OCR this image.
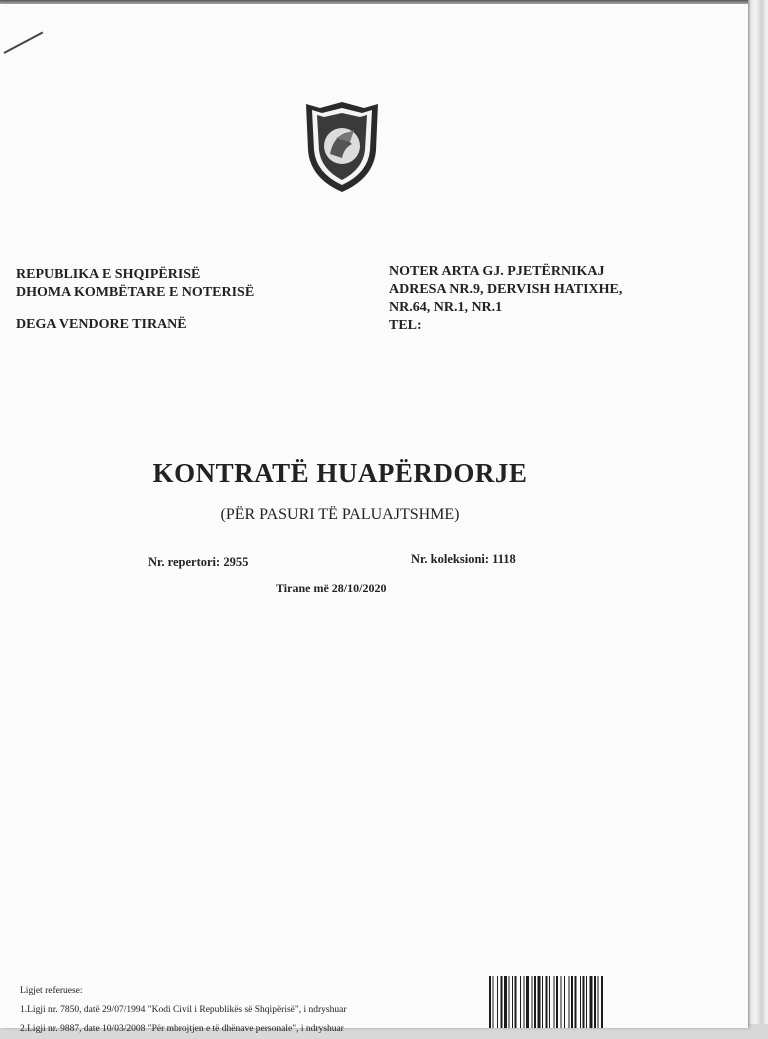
REPUBLIKA E SHQIPËRISË
DHOMA KOMBËTARE E NOTERISË
DEGA VENDORE TIRANË
NOTER ARTA GJ. PJETËRNIKAJ
ADRESA NR.9, DERVISH HATIXHE,
NR.64, NR.1, NR.1
TEL:
KONTRATË HUAPËRDORJE
(PËR PASURI TË PALUAJTSHME)
Nr. repertori: 2955	Nr. koleksioni: 1118
Tirane më 28/10/2020
Ligjet referuese:
1.Ligji nr. 7850, datë 29/07/1994 "Kodi Civil i Republikës së Shqipërisë", i ndryshuar
2.Ligji nr. 9887, date 10/03/2008 "Për mbrojtjen e të dhënave personale", i ndryshuar
